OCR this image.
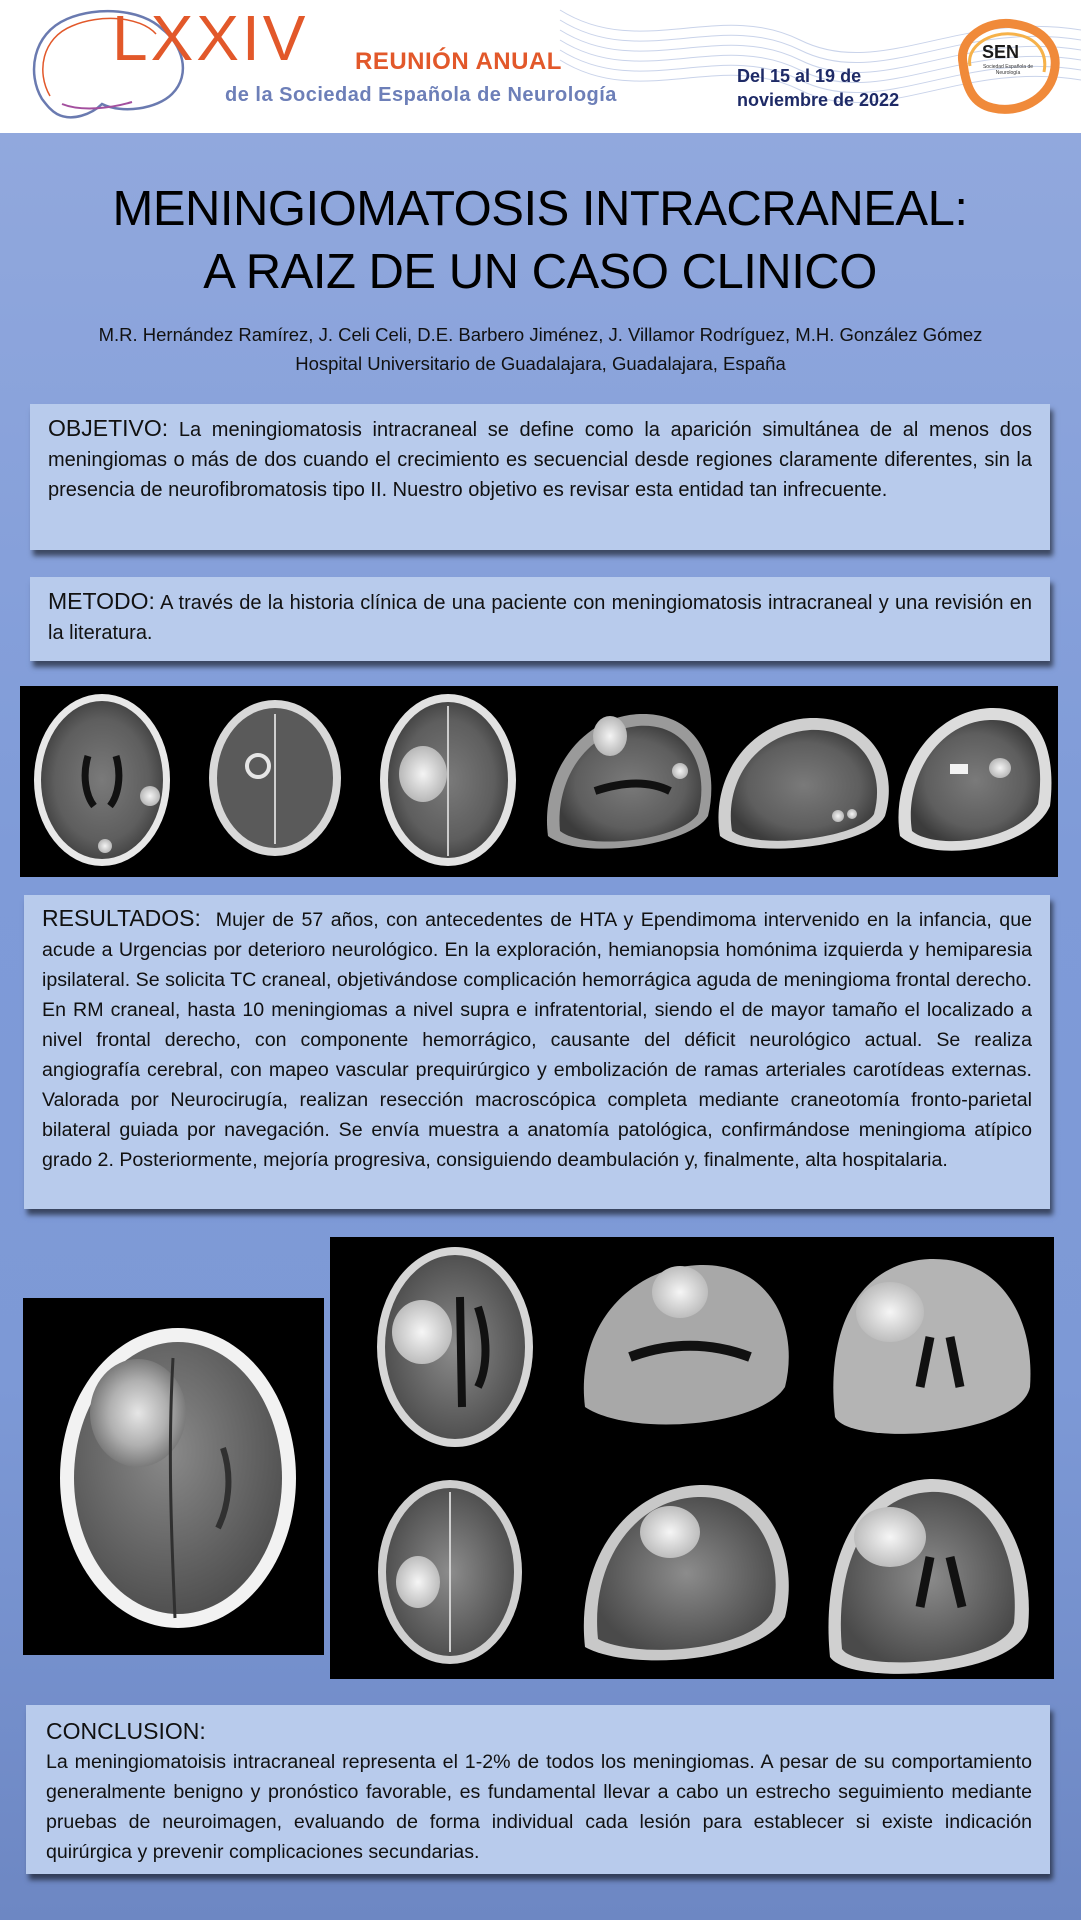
LXXIV REUNIÓN ANUAL
de la Sociedad Española de Neurología
Del 15 al 19 de
noviembre de 2022
SEN
Sociedad Española de Neurología
MENINGIOMATOSIS INTRACRANEAL:
A RAIZ DE UN CASO CLINICO
M.R. Hernández Ramírez, J. Celi Celi, D.E. Barbero Jiménez, J. Villamor Rodríguez, M.H. González Gómez
Hospital Universitario de Guadalajara, Guadalajara, España

OBJETIVO: La meningiomatosis intracraneal se define como la aparición simultánea de al menos dos meningiomas o más de dos cuando el crecimiento es secuencial desde regiones claramente diferentes, sin la presencia de neurofibromatosis tipo II. Nuestro objetivo es revisar esta entidad tan infrecuente.

METODO: A través de la historia clínica de una paciente con meningiomatosis intracraneal y una revisión en la literatura.

RESULTADOS: Mujer de 57 años, con antecedentes de HTA y Ependimoma intervenido en la infancia, que acude a Urgencias por deterioro neurológico. En la exploración, hemianopsia homónima izquierda y hemiparesia ipsilateral. Se solicita TC craneal, objetivándose complicación hemorrágica aguda de meningioma frontal derecho. En RM craneal, hasta 10 meningiomas a nivel supra e infratentorial, siendo el de mayor tamaño el localizado a nivel frontal derecho, con componente hemorrágico, causante del déficit neurológico actual. Se realiza angiografía cerebral, con mapeo vascular prequirúrgico y embolización de ramas arteriales carotídeas externas. Valorada por Neurocirugía, realizan resección macroscópica completa mediante craneotomía fronto-parietal bilateral guiada por navegación. Se envía muestra a anatomía patológica, confirmándose meningioma atípico grado 2. Posteriormente, mejoría progresiva, consiguiendo deambulación y, finalmente, alta hospitalaria.

CONCLUSION:

La meningiomatoisis intracraneal representa el 1-2% de todos los meningiomas. A pesar de su comportamiento generalmente benigno y pronóstico favorable, es fundamental llevar a cabo un estrecho seguimiento mediante pruebas de neuroimagen, evaluando de forma individual cada lesión para establecer si existe indicación quirúrgica y prevenir complicaciones secundarias.
